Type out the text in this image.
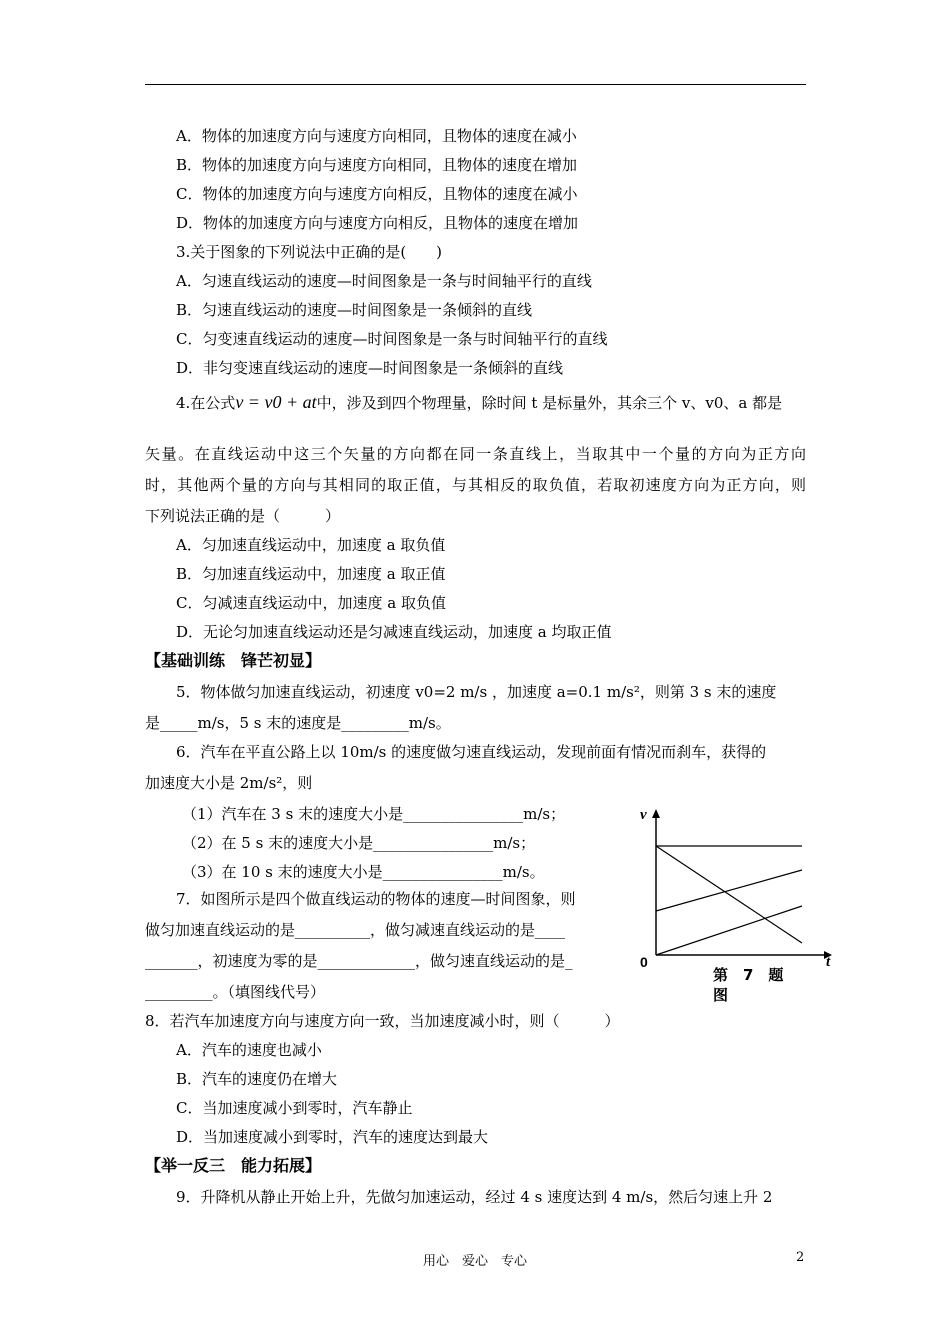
A．物体的加速度方向与速度方向相同，且物体的速度在减小
B．物体的加速度方向与速度方向相同，且物体的速度在增加
C．物体的加速度方向与速度方向相反，且物体的速度在减小
D．物体的加速度方向与速度方向相反，且物体的速度在增加
3.关于图象的下列说法中正确的是(　　)
A．匀速直线运动的速度—时间图象是一条与时间轴平行的直线
B．匀速直线运动的速度—时间图象是一条倾斜的直线
C．匀变速直线运动的速度—时间图象是一条与时间轴平行的直线
D．非匀变速直线运动的速度—时间图象是一条倾斜的直线
4.在公式v = v0 + at中，涉及到四个物理量，除时间 t 是标量外，其余三个 v、v0、a 都是
矢量。在直线运动中这三个矢量的方向都在同一条直线上，当取其中一个量的方向为正方向
时，其他两个量的方向与其相同的取正值，与其相反的取负值，若取初速度方向为正方向，则
下列说法正确的是（　　　）
A．匀加速直线运动中，加速度 a 取负值
B．匀加速直线运动中，加速度 a 取正值
C．匀减速直线运动中，加速度 a 取负值
D．无论匀加速直线运动还是匀减速直线运动，加速度 a 均取正值
【基础训练　锋芒初显】
5．物体做匀加速直线运动，初速度 v0=2 m/s ，加速度 a=0.1 m/s²，则第 3 s 末的速度
是_____m/s，5 s 末的速度是_________m/s。
6．汽车在平直公路上以 10m/s 的速度做匀速直线运动，发现前面有情况而刹车，获得的
加速度大小是 2m/s²，则
（1）汽车在 3 s 末的速度大小是________________m/s；
（2）在 5 s 末的速度大小是________________m/s；
（3）在 10 s 末的速度大小是________________m/s。
7．如图所示是四个做直线运动的物体的速度—时间图象，则
做匀加速直线运动的是__________，做匀减速直线运动的是____
_______，初速度为零的是_____________，做匀速直线运动的是_
_________。（填图线代号）
v
t
0
第　7　题
图
8．若汽车加速度方向与速度方向一致，当加速度减小时，则（　　　）
A．汽车的速度也减小
B．汽车的速度仍在增大
C．当加速度减小到零时，汽车静止
D．当加速度减小到零时，汽车的速度达到最大
【举一反三　能力拓展】
9．升降机从静止开始上升，先做匀加速运动，经过 4 s 速度达到 4 m/s，然后匀速上升 2
用心　爱心　专心	2
